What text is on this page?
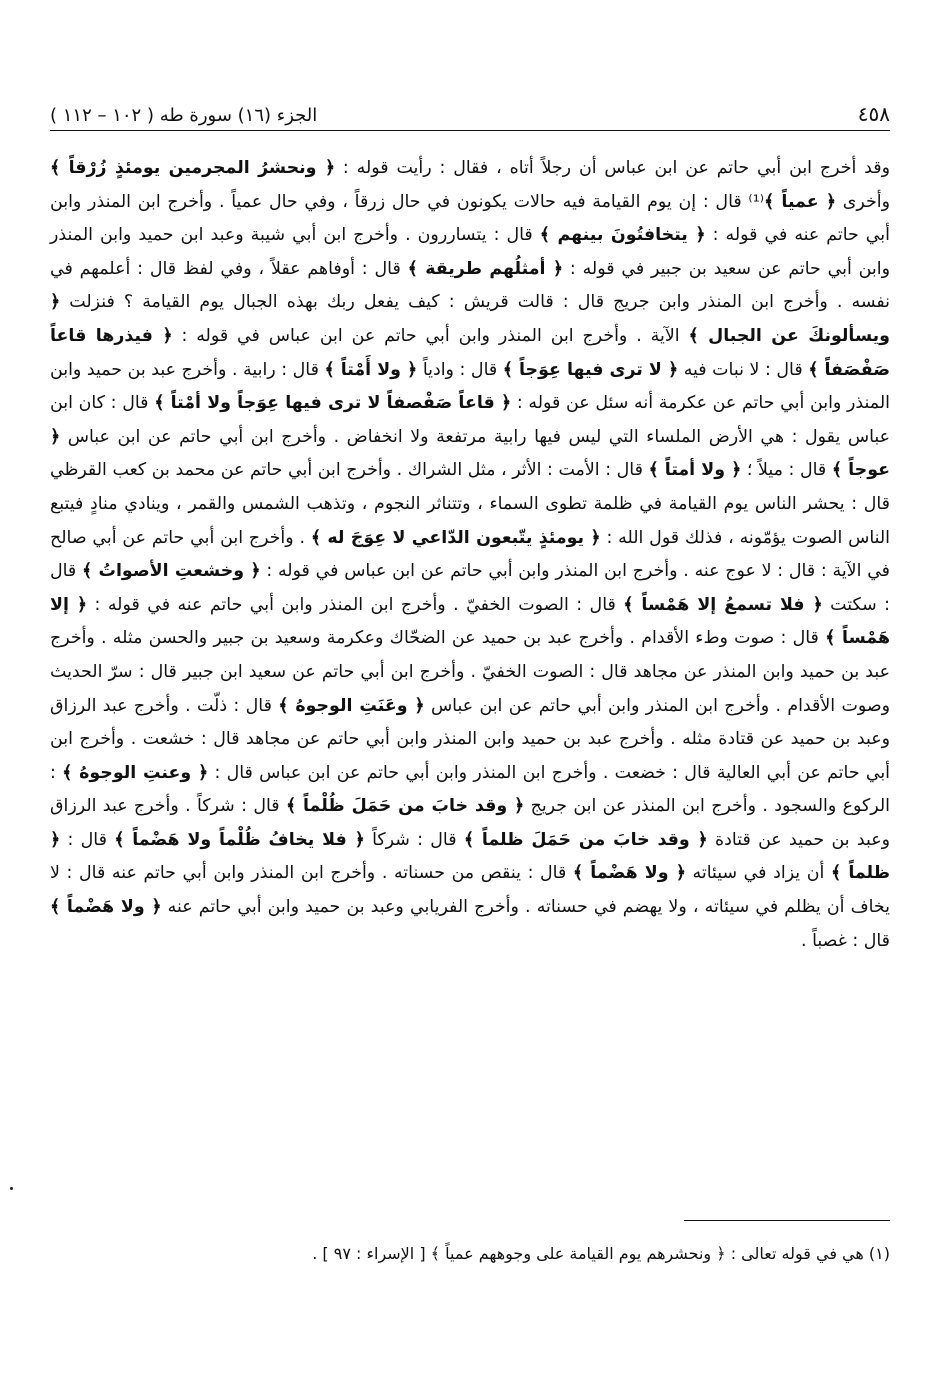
٤٥٨
الجزء (١٦) سورة طه ( ١٠٢ – ١١٢ )

وقد أخرج ابن أبي حاتم عن ابن عباس أن رجلاً أتاه ، فقال : رأيت قوله : ﴿ ونحشرُ المجرمين يومئذٍ زُرْقاً ﴾ وأخرى ﴿ عمياً ﴾⁽¹⁾ قال : إن يوم القيامة فيه حالات يكونون في حال زرقاً ، وفي حال عمياً . وأخرج ابن المنذر وابن أبي حاتم عنه في قوله : ﴿ يتخافتُونَ بينهم ﴾ قال : يتساررون . وأخرج ابن أبي شيبة وعبد ابن حميد وابن المنذر وابن أبي حاتم عن سعيد بن جبير في قوله : ﴿ أمثلُهم طريقة ﴾ قال : أوفاهم عقلاً ، وفي لفظ قال : أعلمهم في نفسه . وأخرج ابن المنذر وابن جريج قال : قالت قريش : كيف يفعل ربك بهذه الجبال يوم القيامة ؟ فنزلت ﴿ ويسألونكَ عن الجبال ﴾ الآية . وأخرج ابن المنذر وابن أبي حاتم عن ابن عباس في قوله : ﴿ فيذرها قاعاً صَفْصَفاً ﴾ قال : لا نبات فيه ﴿ لا ترى فيها عِوَجاً ﴾ قال : وادياً ﴿ ولا أَمْتاً ﴾ قال : رابية . وأخرج عبد بن حميد وابن المنذر وابن أبي حاتم عن عكرمة أنه سئل عن قوله : ﴿ قاعاً صَفْصفاً لا ترى فيها عِوَجاً ولا أمْتاً ﴾ قال : كان ابن عباس يقول : هي الأرض الملساء التي ليس فيها رابية مرتفعة ولا انخفاض . وأخرج ابن أبي حاتم عن ابن عباس ﴿ عوجاً ﴾ قال : ميلاً ؛ ﴿ ولا أمتاً ﴾ قال : الأمت : الأثر ، مثل الشراك . وأخرج ابن أبي حاتم عن محمد بن كعب القرظي قال : يحشر الناس يوم القيامة في ظلمة تطوى السماء ، وتتناثر النجوم ، وتذهب الشمس والقمر ، وينادي منادٍ فيتبع الناس الصوت يؤمّونه ، فذلك قول الله : ﴿ يومئذٍ يتّبعون الدّاعي لا عِوَجَ له ﴾ . وأخرج ابن أبي حاتم عن أبي صالح في الآية : قال : لا عوج عنه . وأخرج ابن المنذر وابن أبي حاتم عن ابن عباس في قوله : ﴿ وخشعتِ الأصواتُ ﴾ قال : سكتت ﴿ فلا تسمعُ إلا هَمْساً ﴾ قال : الصوت الخفيّ . وأخرج ابن المنذر وابن أبي حاتم عنه في قوله : ﴿ إلا هَمْساً ﴾ قال : صوت وطء الأقدام . وأخرج عبد بن حميد عن الضحّاك وعكرمة وسعيد بن جبير والحسن مثله . وأخرج عبد بن حميد وابن المنذر عن مجاهد قال : الصوت الخفيّ . وأخرج ابن أبي حاتم عن سعيد ابن جبير قال : سرّ الحديث وصوت الأقدام . وأخرج ابن المنذر وابن أبي حاتم عن ابن عباس ﴿ وعَنَتِ الوجوهُ ﴾ قال : ذلّت . وأخرج عبد الرزاق وعبد بن حميد عن قتادة مثله . وأخرج عبد بن حميد وابن المنذر وابن أبي حاتم عن مجاهد قال : خشعت . وأخرج ابن أبي حاتم عن أبي العالية قال : خضعت . وأخرج ابن المنذر وابن أبي حاتم عن ابن عباس قال : ﴿ وعنتِ الوجوهُ ﴾ : الركوع والسجود . وأخرج ابن المنذر عن ابن جريج ﴿ وقد خابَ من حَمَلَ ظُلْماً ﴾ قال : شركاً . وأخرج عبد الرزاق وعبد بن حميد عن قتادة ﴿ وقد خابَ من حَمَلَ ظلماً ﴾ قال : شركاً ﴿ فلا يخافُ ظُلْماً ولا هَضْماً ﴾ قال : ﴿ ظلماً ﴾ أن يزاد في سيئاته ﴿ ولا هَضْماً ﴾ قال : ينقص من حسناته . وأخرج ابن المنذر وابن أبي حاتم عنه قال : لا يخاف أن يظلم في سيئاته ، ولا يهضم في حسناته . وأخرج الفريابي وعبد بن حميد وابن أبي حاتم عنه ﴿ ولا هَضْماً ﴾ قال : غصباً .

(١) هي في قوله تعالى : ﴿ ونحشرهم يوم القيامة على وجوههم عمياً ﴾ [ الإسراء : ٩٧ ] .
